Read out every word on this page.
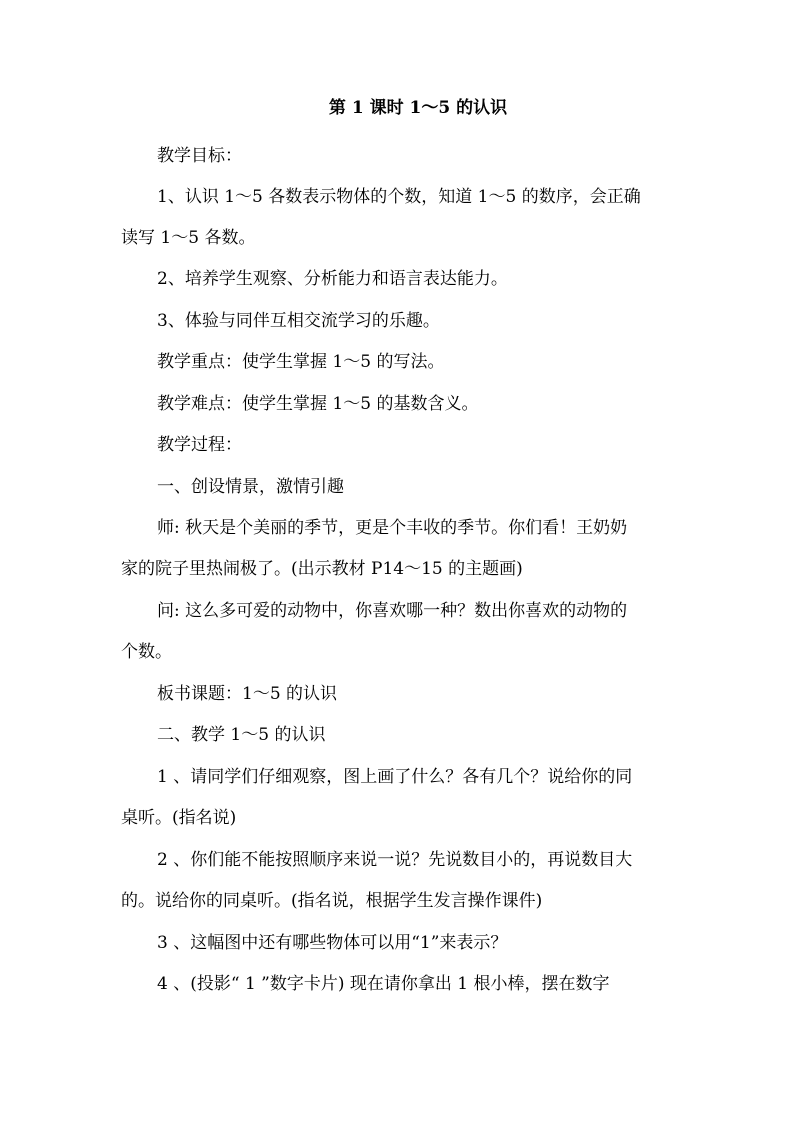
第 1 课时 1～5 的认识
教学目标：
1、认识 1～5 各数表示物体的个数，知道 1～5 的数序，会正确
读写 1～5 各数。
2、培养学生观察、分析能力和语言表达能力。
3、体验与同伴互相交流学习的乐趣。
教学重点：使学生掌握 1～5 的写法。
教学难点：使学生掌握 1～5 的基数含义。
教学过程：
一、创设情景，激情引趣
师: 秋天是个美丽的季节，更是个丰收的季节。你们看！王奶奶
家的院子里热闹极了。(出示教材 P14～15 的主题画)
问: 这么多可爱的动物中，你喜欢哪一种？数出你喜欢的动物的
个数。
板书课题：1～5 的认识
二、教学 1～5 的认识
1 、请同学们仔细观察，图上画了什么？各有几个？说给你的同
桌听。(指名说)
2 、你们能不能按照顺序来说一说？先说数目小的，再说数目大
的。说给你的同桌听。(指名说，根据学生发言操作课件)
3 、这幅图中还有哪些物体可以用“1”来表示？
4 、(投影“ 1 ”数字卡片) 现在请你拿出 1 根小棒，摆在数字
